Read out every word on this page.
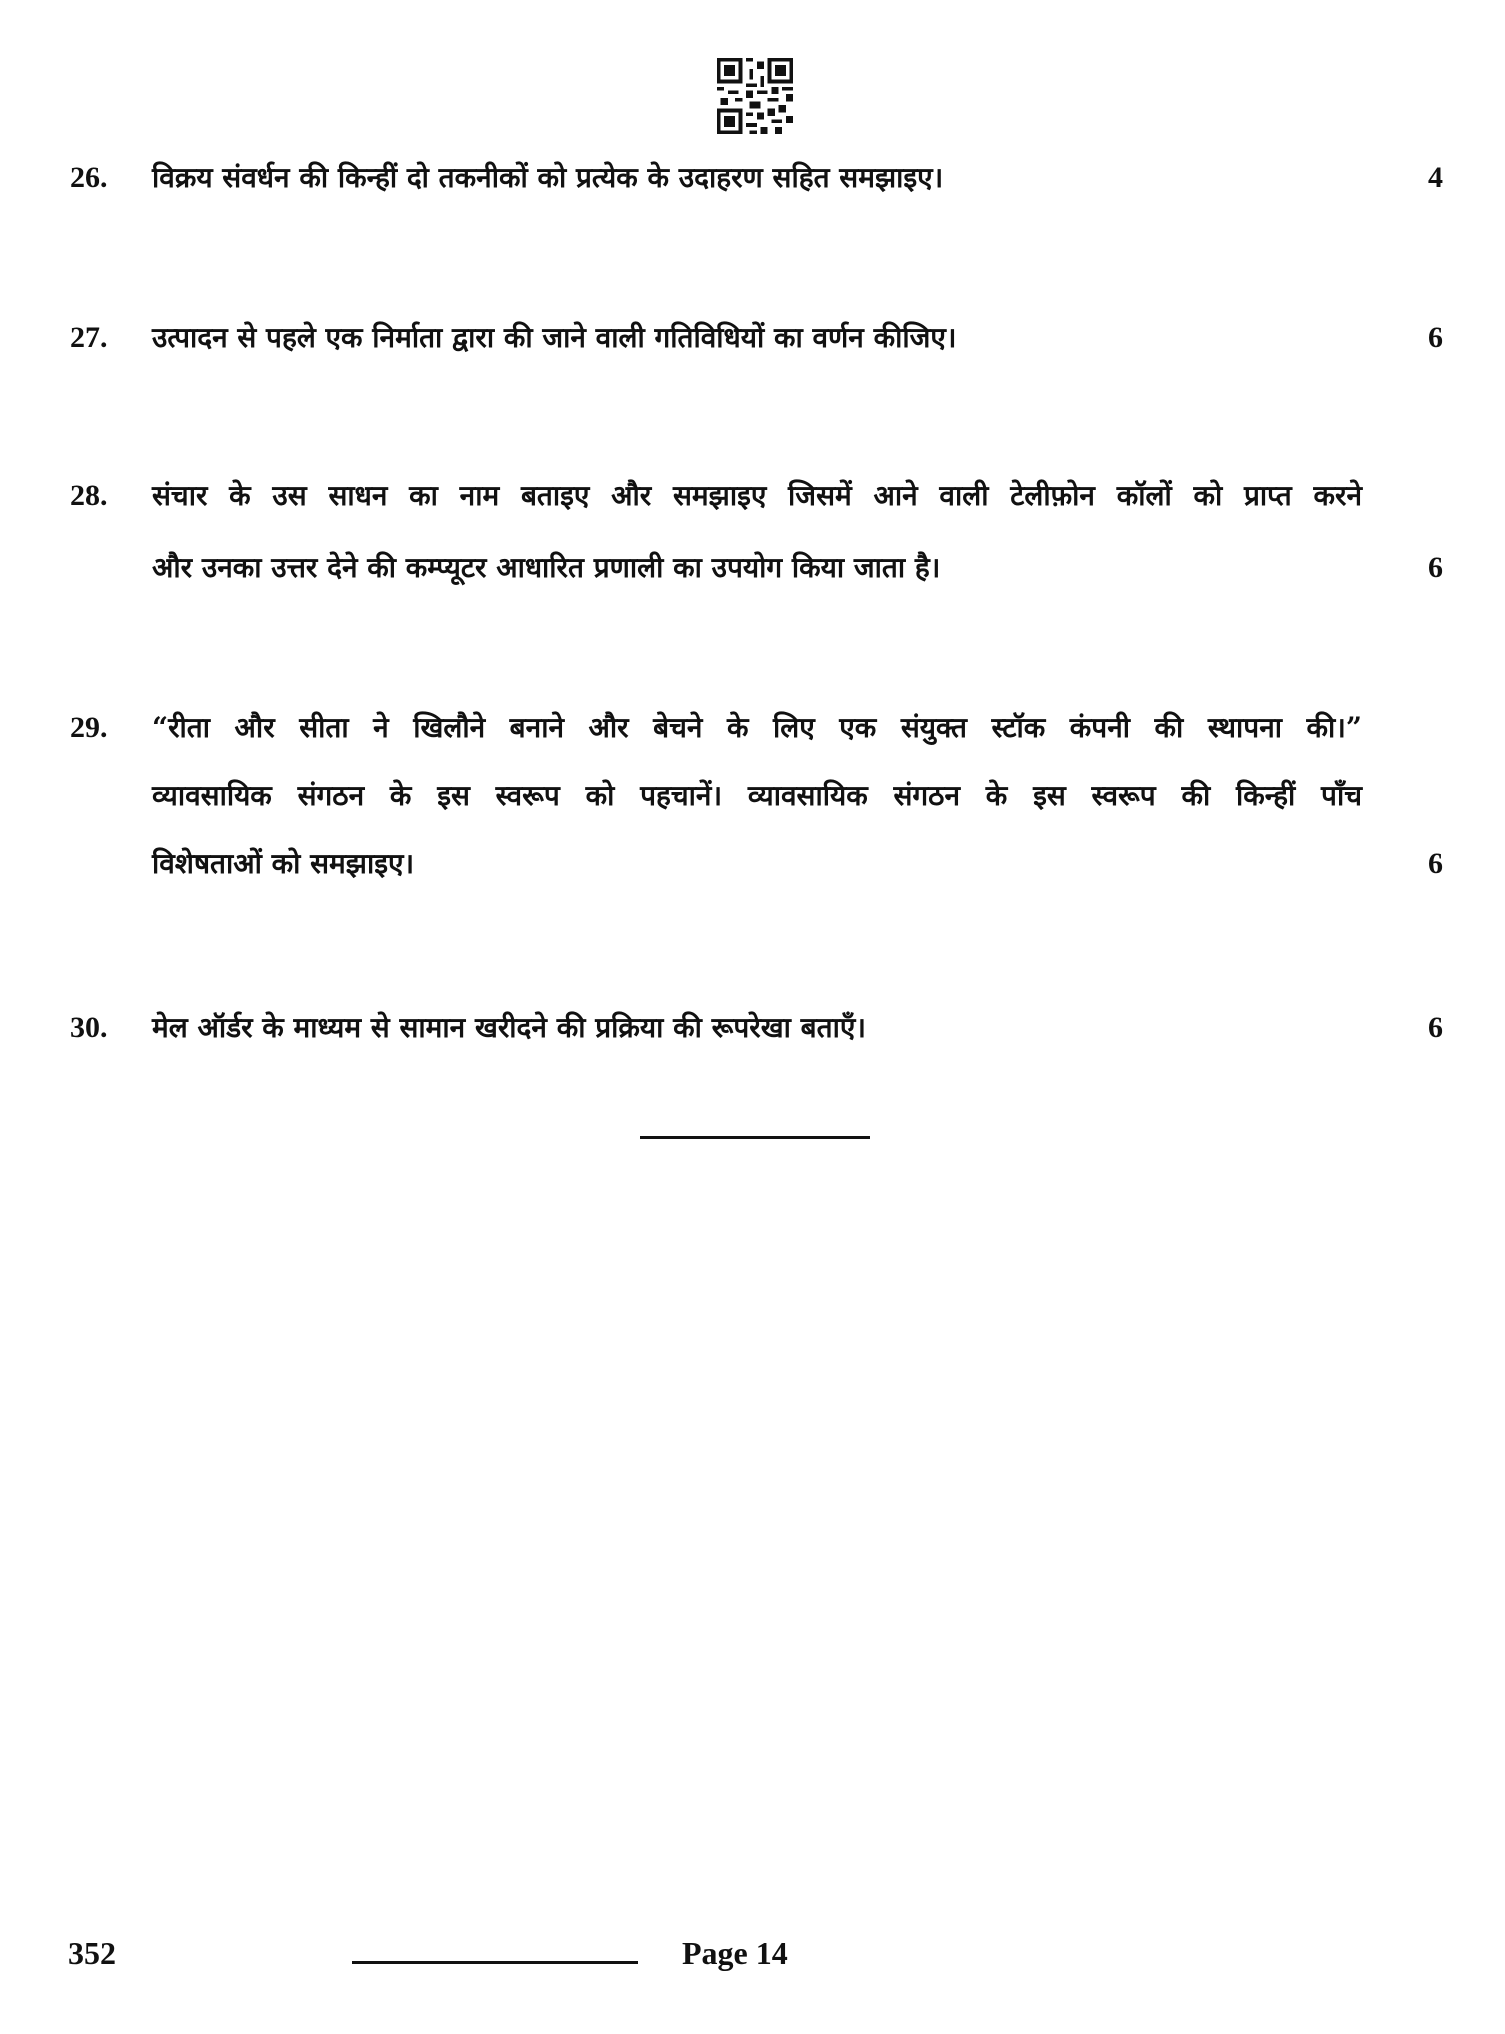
26. विक्रय संवर्धन की किन्हीं दो तकनीकों को प्रत्येक के उदाहरण सहित समझाइए।	4
27. उत्पादन से पहले एक निर्माता द्वारा की जाने वाली गतिविधियों का वर्णन कीजिए।	6
28. संचार के उस साधन का नाम बताइए और समझाइए जिसमें आने वाली टेलीफ़ोन कॉलों को प्राप्त करने
और उनका उत्तर देने की कम्प्यूटर आधारित प्रणाली का उपयोग किया जाता है।	6
29. “रीता और सीता ने खिलौने बनाने और बेचने के लिए एक संयुक्त स्टॉक कंपनी की स्थापना की।”
व्यावसायिक संगठन के इस स्वरूप को पहचानें। व्यावसायिक संगठन के इस स्वरूप की किन्हीं पाँच
विशेषताओं को समझाइए।	6
30. मेल ऑर्डर के माध्यम से सामान खरीदने की प्रक्रिया की रूपरेखा बताएँ।	6
352	Page 14
